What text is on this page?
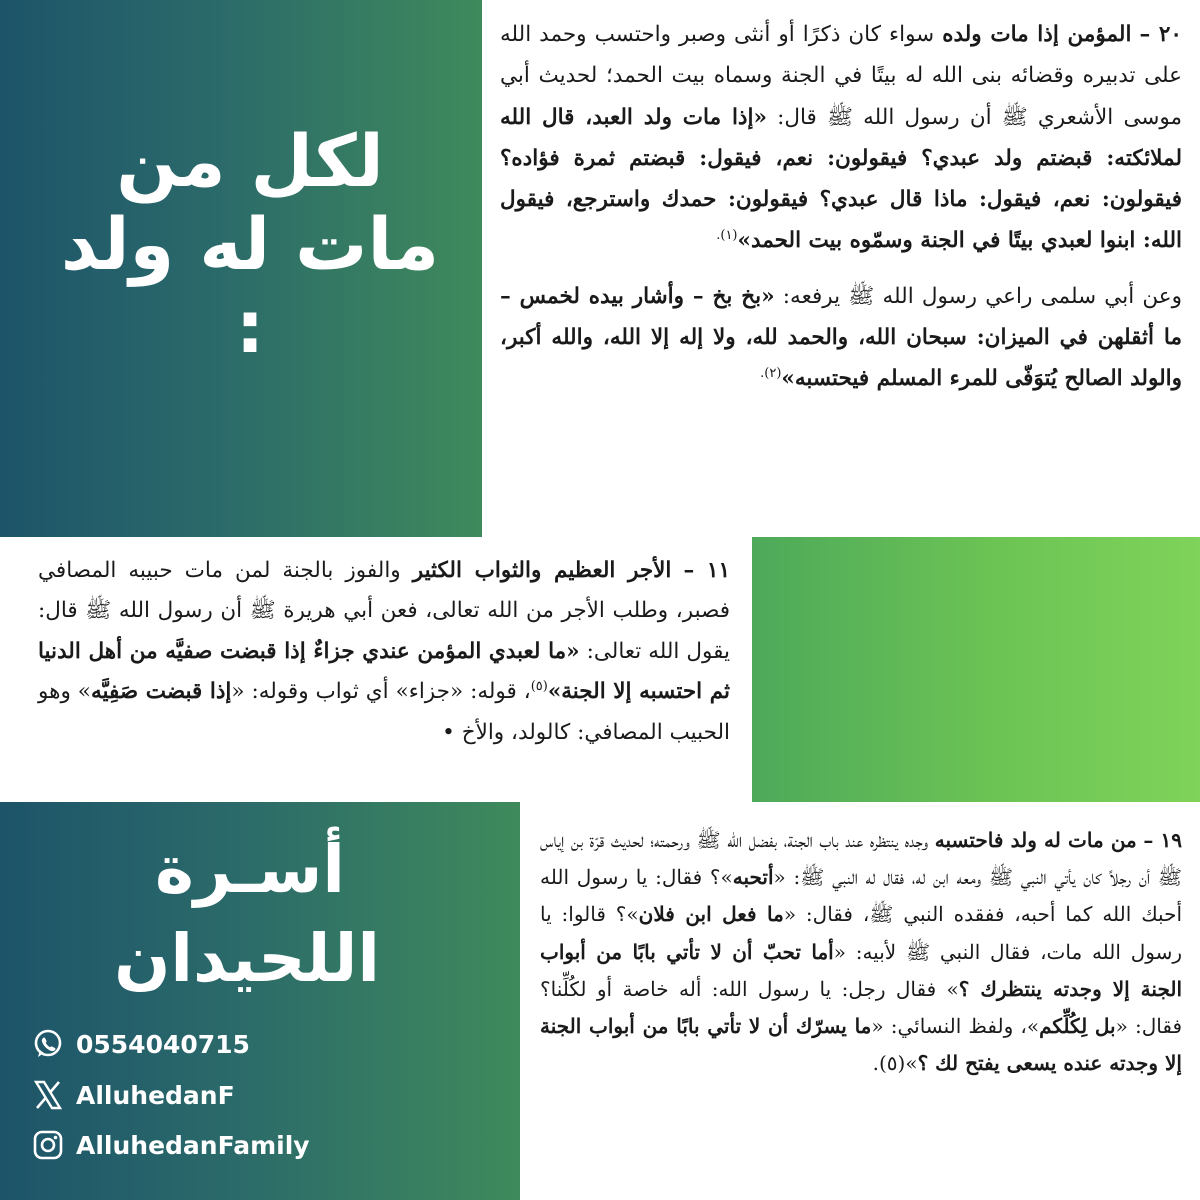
لكل من مات له ولد :

٢٠ – المؤمن إذا مات ولده سواء كان ذكرًا أو أنثى وصبر واحتسب وحمد الله على تدبيره وقضائه بنى الله له بيتًا في الجنة وسماه بيت الحمد؛ لحديث أبي موسى الأشعري ﷺ أن رسول الله ﷺ قال: «إذا مات ولد العبد، قال الله لملائكته: قبضتم ولد عبدي؟ فيقولون: نعم، فيقول: قبضتم ثمرة فؤاده؟ فيقولون: نعم، فيقول: ماذا قال عبدي؟ فيقولون: حمدك واسترجع، فيقول الله: ابنوا لعبدي بيتًا في الجنة وسمّوه بيت الحمد»$^{(١).}$

وعن أبي سلمى راعي رسول الله ﷺ يرفعه: «بخ بخ – وأشار بيده لخمس – ما أثقلهن في الميزان: سبحان الله، والحمد لله، ولا إله إلا الله، والله أكبر، والولد الصالح يُتوَفّى للمرء المسلم فيحتسبه»$^{(٢).}$

١١ – الأجر العظيم والثواب الكثير والفوز بالجنة لمن مات حبيبه المصافي فصبر، وطلب الأجر من الله تعالى، فعن أبي هريرة ﷺ أن رسول الله ﷺ قال: يقول الله تعالى: «ما لعبدي المؤمن عندي جزاءٌ إذا قبضت صفيَّه من أهل الدنيا ثم احتسبه إلا الجنة»$^{(٥)}$، قوله: «جزاء» أي ثواب وقوله: «إذا قبضت صَفِيَّه» وهو الحبيب المصافي: كالولد، والأخ •

أسـرة اللحيدان
0554040715
AlluhedanF
AlluhedanFamily

١٩ – من مات له ولد فاحتسبه وجده ينتظره عند باب الجنة، بفضل الله ﷺ ورحمته؛ لحديث قرّة بن إياس ﷺ أن رجلاً كان يأتي النبي ﷺ ومعه ابن له، فقال له النبي ﷺ: «أتحبه»؟ فقال: يا رسول الله أحبك الله كما أحبه، ففقده النبي ﷺ، فقال: «ما فعل ابن فلان»؟ قالوا: يا رسول الله مات، فقال النبي ﷺ لأبيه: «أما تحبّ أن لا تأتي بابًا من أبواب الجنة إلا وجدته ينتظرك ؟» فقال رجل: يا رسول الله: أله خاصة أو لكُلِّنا؟ فقال: «بل لِكُلِّكم»، ولفظ النسائي: «ما يسرّك أن لا تأتي بابًا من أبواب الجنة إلا وجدته عنده يسعى يفتح لك ؟»(٥).
